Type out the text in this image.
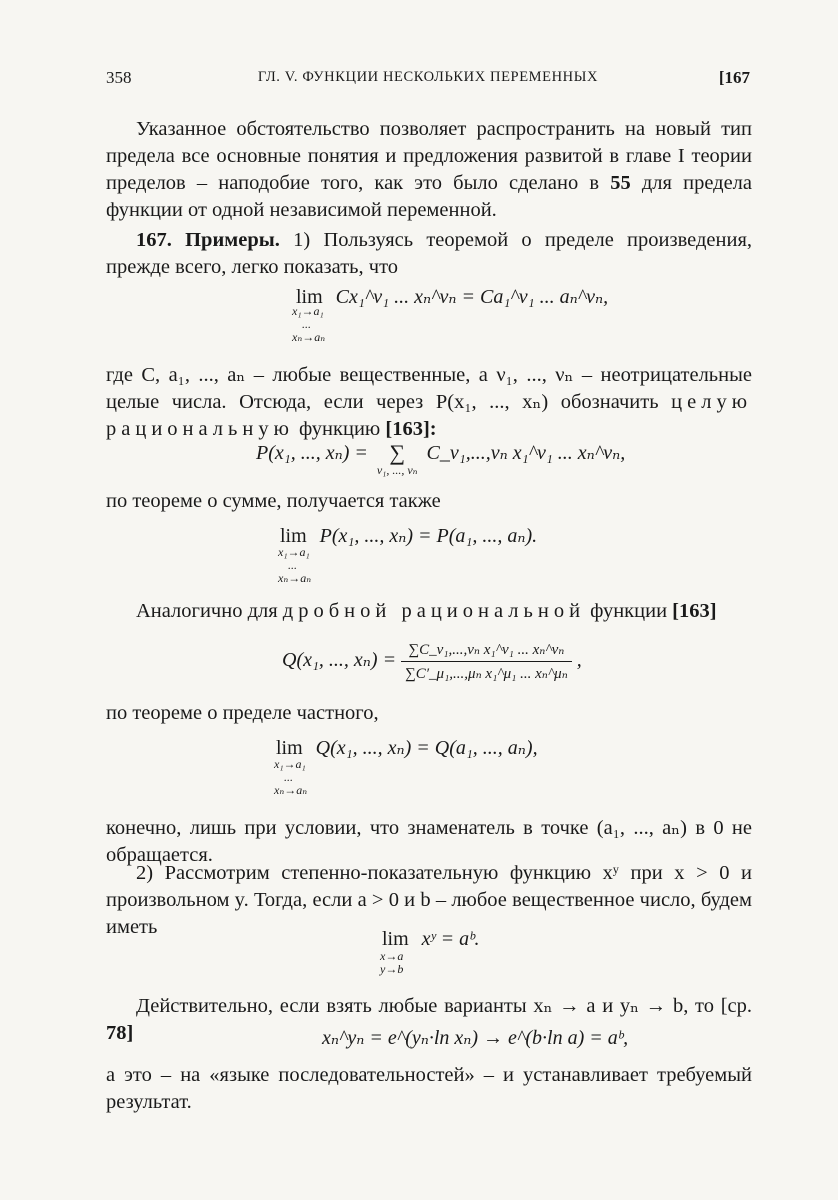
358	ГЛ. V. ФУНКЦИИ НЕСКОЛЬКИХ ПЕРЕМЕННЫХ	[167

Указанное обстоятельство позволяет распространить на новый тип предела все основные понятия и предложения развитой в главе I теории пределов – наподобие того, как это было сделано в 55 для предела функции от одной независимой переменной.

167. Примеры. 1) Пользуясь теоремой о пределе произведения, прежде всего, легко показать, что

lim Cx₁^ν₁ ... xₙ^νₙ = Ca₁^ν₁ ... aₙ^νₙ,
x₁→a₁
...
xₙ→aₙ

где C, a₁, ..., aₙ – любые вещественные, а ν₁, ..., νₙ – неотрицательные целые числа. Отсюда, если через P(x₁, ..., xₙ) обозначить целую рациональную функцию [163]:

P(x₁, ..., xₙ) = ∑
ν₁, ..., νₙ
C_ν₁,...,νₙ x₁^ν₁ ... xₙ^νₙ,

по теореме о сумме, получается также

lim P(x₁, ..., xₙ) = P(a₁, ..., aₙ).
x₁→a₁
...
xₙ→aₙ

Аналогично для дробной рациональной функции [163]

Q(x₁, ..., $x_n) = \frac{\text{∑C\_ν₁,...,νₙ x₁\textasciicircum{}ν₁ ... xₙ\textasciicircum{}νₙ}}{\text{∑C′\_μ₁,...,μₙ x₁\textasciicircum{}μ₁ ... xₙ\textasciicircum{}μₙ}}$ ,

по теореме о пределе частного,

lim Q(x₁, ..., xₙ) = Q(a₁, ..., aₙ),
x₁→a₁
...
xₙ→aₙ

конечно, лишь при условии, что знаменатель в точке (a₁, ..., aₙ) в 0 не обращается.

2) Рассмотрим степенно-показательную функцию xʸ при x > 0 и произвольном y. Тогда, если a > 0 и b – любое вещественное число, будем иметь

lim xʸ = aᵇ.
x→a
y→b

Действительно, если взять любые варианты xₙ → a и yₙ → b, то [ср. 78]	xₙ^yₙ = e^(yₙ·ln xₙ) → e^(b·ln a) = aᵇ,

а это – на «языке последовательностей» – и устанавливает требуемый результат.
